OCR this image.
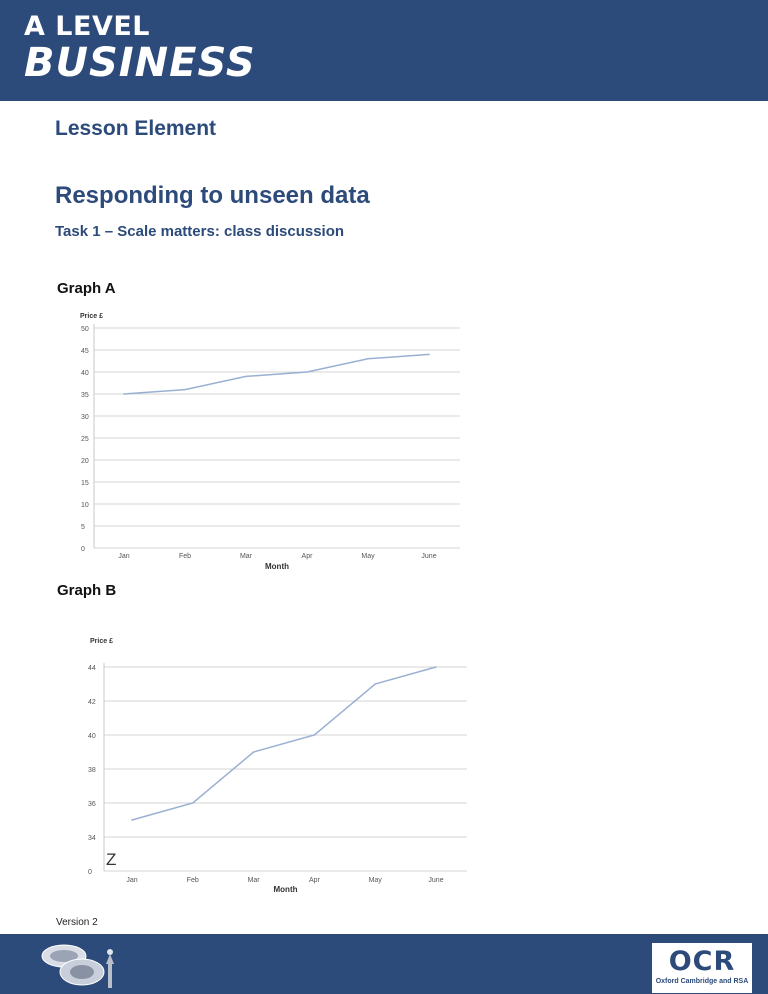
A LEVEL
BUSINESS
Lesson Element
Responding to unseen data
Task 1 – Scale matters: class discussion

Graph A

0
5
10
15
20
25
30
35
40
45
50
Price £
Jan	Feb	Mar	Apr	May	June
Month

Graph B

0
34
36
38
40
42
44
Z
Price £
Jan	Feb	Mar	Apr	May	June
Month
Version 2
OCR
Oxford Cambridge and RSA
